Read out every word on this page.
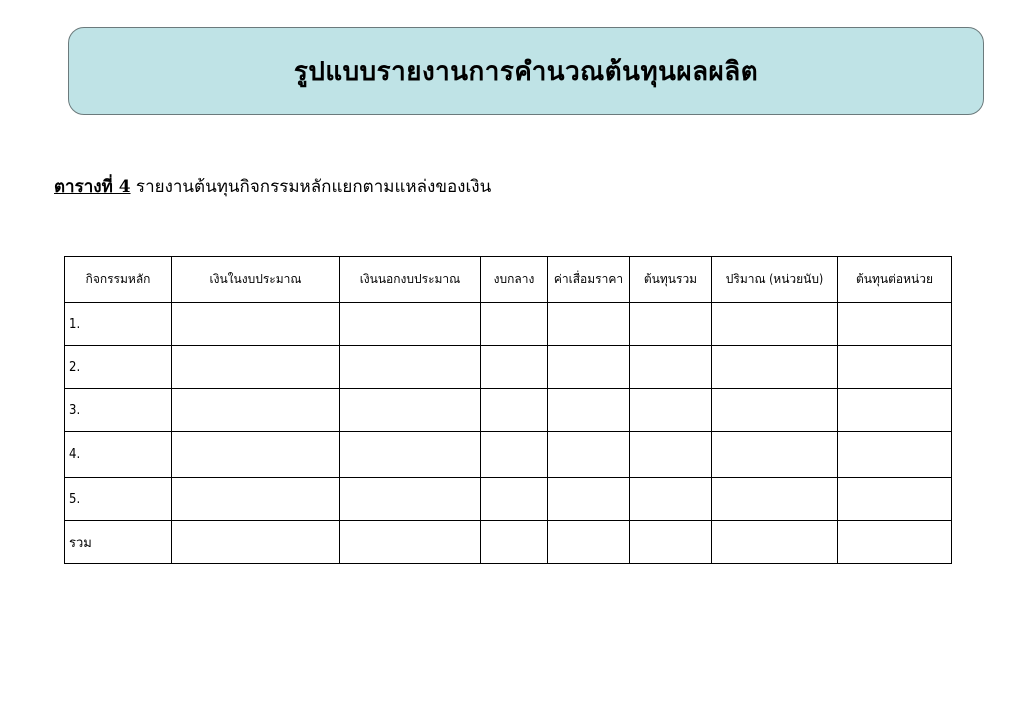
รูปแบบรายงานการคำนวณต้นทุนผลผลิต
ตารางที่ 4 รายงานต้นทุนกิจกรรมหลักแยกตามแหล่งของเงิน
กิจกรรมหลัก	เงินในงบประมาณ	เงินนอกงบประมาณ	งบกลาง	ค่าเสื่อมราคา	ต้นทุนรวม	ปริมาณ (หน่วยนับ)	ต้นทุนต่อหน่วย
1.							
2.							
3.							
4.							
5.							
รวม							
